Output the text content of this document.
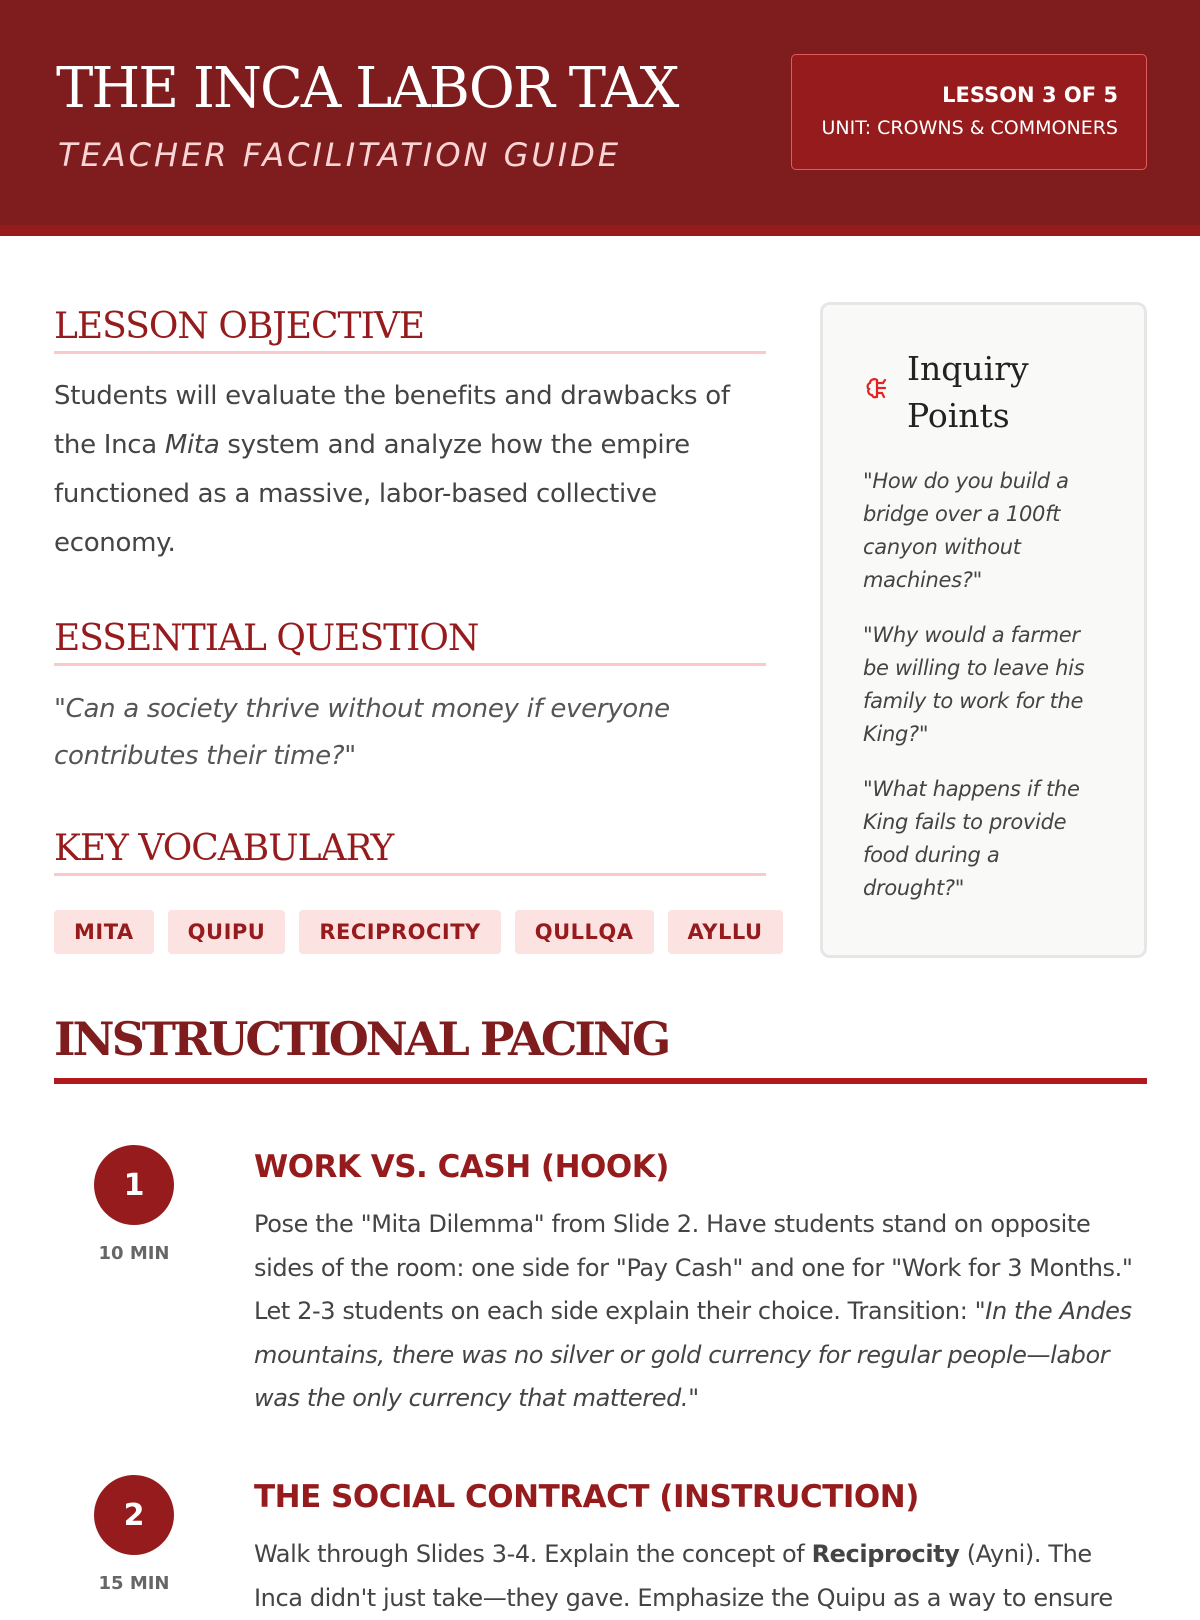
THE INCA LABOR TAX
TEACHER FACILITATION GUIDE
LESSON 3 OF 5
UNIT: CROWNS & COMMONERS
LESSON OBJECTIVE

Students will evaluate the benefits and drawbacks of the Inca Mita system and analyze how the empire functioned as a massive, labor-based collective economy.

ESSENTIAL QUESTION

"Can a society thrive without money if everyone contributes their time?"

KEY VOCABULARY
MITA	QUIPU	RECIPROCITY	QULLQA	AYLLU
Inquiry Points

"How do you build a bridge over a 100ft canyon without machines?"

"Why would a farmer be willing to leave his family to work for the King?"

"What happens if the King fails to provide food during a drought?"

INSTRUCTIONAL PACING
1
10 MIN
WORK VS. CASH (HOOK)

Pose the "Mita Dilemma" from Slide 2. Have students stand on opposite sides of the room: one side for "Pay Cash" and one for "Work for 3 Months." Let 2-3 students on each side explain their choice. Transition: "In the Andes mountains, there was no silver or gold currency for regular people—labor was the only currency that mattered."

2
15 MIN
THE SOCIAL CONTRACT (INSTRUCTION)

Walk through Slides 3-4. Explain the concept of Reciprocity (Ayni). The Inca didn't just take—they gave. Emphasize the Quipu as a way to ensure
